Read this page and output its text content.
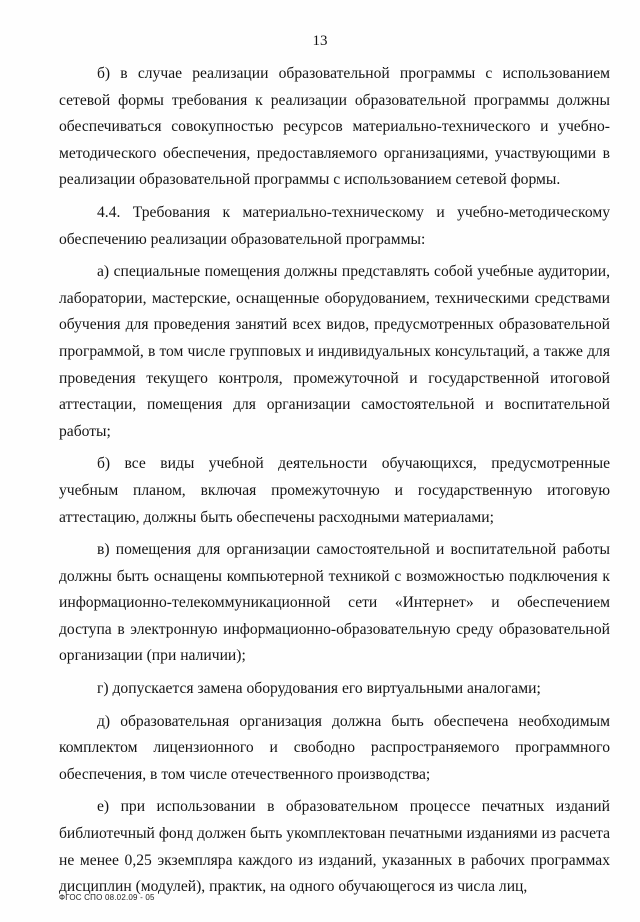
13

б) в случае реализации образовательной программы с использованием сетевой формы требования к реализации образовательной программы должны обеспечиваться совокупностью ресурсов материально-технического и учебно-методического обеспечения, предоставляемого организациями, участвующими в реализации образовательной программы с использованием сетевой формы.

4.4. Требования к материально-техническому и учебно-методическому обеспечению реализации образовательной программы:

а) специальные помещения должны представлять собой учебные аудитории, лаборатории, мастерские, оснащенные оборудованием, техническими средствами обучения для проведения занятий всех видов, предусмотренных образовательной программой, в том числе групповых и индивидуальных консультаций, а также для проведения текущего контроля, промежуточной и государственной итоговой аттестации, помещения для организации самостоятельной и воспитательной работы;

б) все виды учебной деятельности обучающихся, предусмотренные учебным планом, включая промежуточную и государственную итоговую аттестацию, должны быть обеспечены расходными материалами;

в) помещения для организации самостоятельной и воспитательной работы должны быть оснащены компьютерной техникой с возможностью подключения к информационно-телекоммуникационной сети «Интернет» и обеспечением доступа в электронную информационно-образовательную среду образовательной организации (при наличии);

г) допускается замена оборудования его виртуальными аналогами;

д) образовательная организация должна быть обеспечена необходимым комплектом лицензионного и свободно распространяемого программного обеспечения, в том числе отечественного производства;

е) при использовании в образовательном процессе печатных изданий библиотечный фонд должен быть укомплектован печатными изданиями из расчета не менее 0,25 экземпляра каждого из изданий, указанных в рабочих программах дисциплин (модулей), практик, на одного обучающегося из числа лиц,

ФГОС СПО 08.02.09 - 05
